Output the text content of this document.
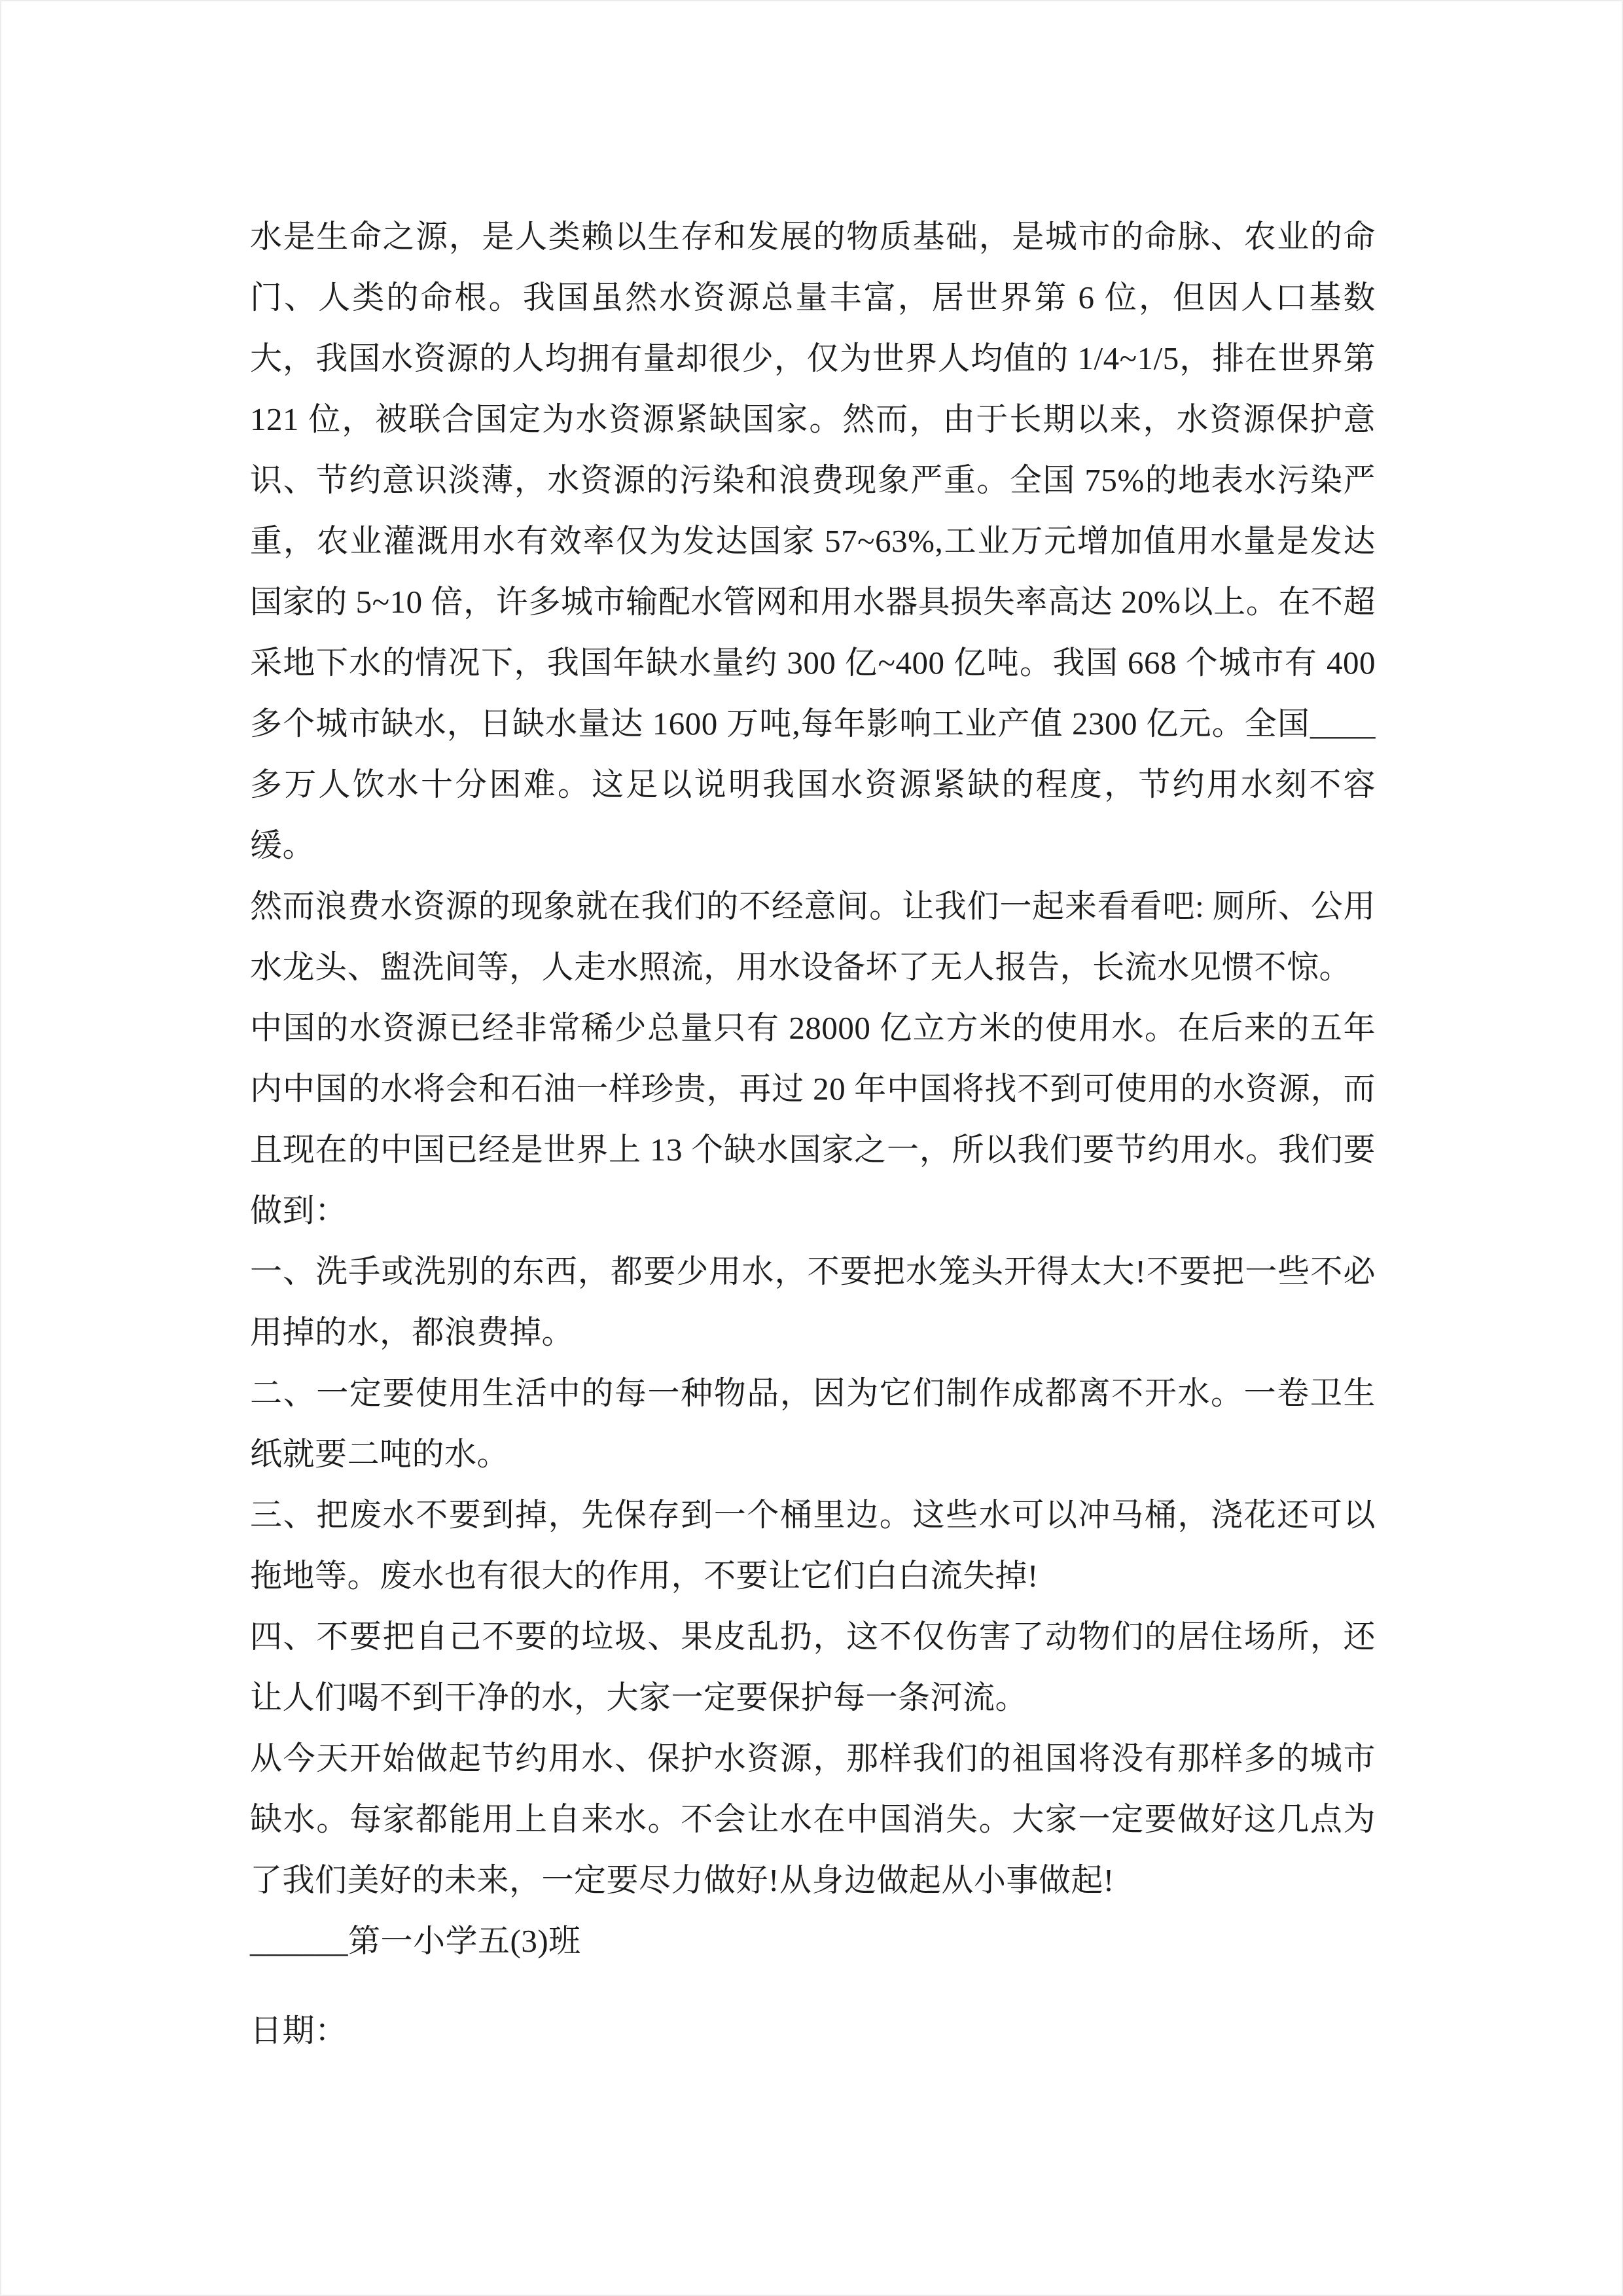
水是生命之源，是人类赖以生存和发展的物质基础，是城市的命脉、农业的命门、人类的命根。我国虽然水资源总量丰富，居世界第 6 位，但因人口基数大，我国水资源的人均拥有量却很少，仅为世界人均值的 1/4~1/5，排在世界第 121 位，被联合国定为水资源紧缺国家。然而，由于长期以来，水资源保护意识、节约意识淡薄，水资源的污染和浪费现象严重。全国 75%的地表水污染严重，农业灌溉用水有效率仅为发达国家 57~63%,工业万元增加值用水量是发达国家的 5~10 倍，许多城市输配水管网和用水器具损失率高达 20%以上。在不超采地下水的情况下，我国年缺水量约 300 亿~400 亿吨。我国 668 个城市有 400 多个城市缺水，日缺水量达 1600 万吨,每年影响工业产值 2300 亿元。全国____多万人饮水十分困难。这足以说明我国水资源紧缺的程度，节约用水刻不容缓。

然而浪费水资源的现象就在我们的不经意间。让我们一起来看看吧: 厕所、公用水龙头、盥洗间等，人走水照流，用水设备坏了无人报告，长流水见惯不惊。

中国的水资源已经非常稀少总量只有 28000 亿立方米的使用水。在后来的五年内中国的水将会和石油一样珍贵，再过 20 年中国将找不到可使用的水资源，而且现在的中国已经是世界上 13 个缺水国家之一，所以我们要节约用水。我们要做到：

一、洗手或洗别的东西，都要少用水，不要把水笼头开得太大!不要把一些不必用掉的水，都浪费掉。

二、一定要使用生活中的每一种物品，因为它们制作成都离不开水。一卷卫生纸就要二吨的水。

三、把废水不要到掉，先保存到一个桶里边。这些水可以冲马桶，浇花还可以拖地等。废水也有很大的作用，不要让它们白白流失掉!

四、不要把自己不要的垃圾、果皮乱扔，这不仅伤害了动物们的居住场所，还让人们喝不到干净的水，大家一定要保护每一条河流。

从今天开始做起节约用水、保护水资源，那样我们的祖国将没有那样多的城市缺水。每家都能用上自来水。不会让水在中国消失。大家一定要做好这几点为了我们美好的未来，一定要尽力做好!从身边做起从小事做起!

______第一小学五(3)班

日期：
